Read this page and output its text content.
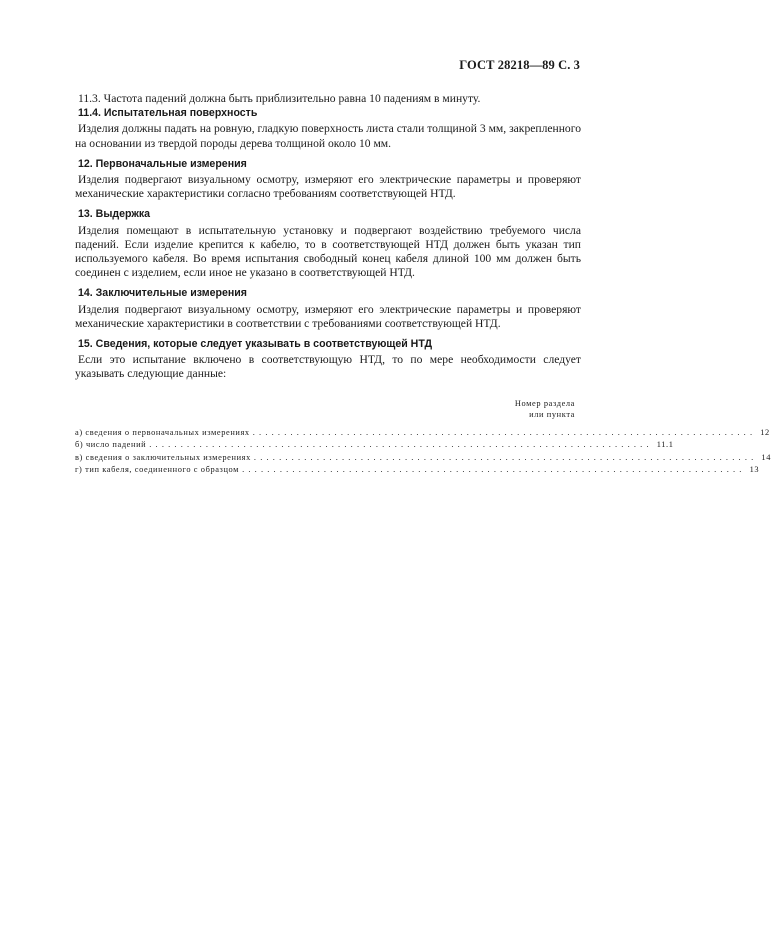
ГОСТ 28218—89 С. 3

11.3. Частота падений должна быть приблизительно равна 10 падениям в минуту.

11.4. Испытательная поверхность

Изделия должны падать на ровную, гладкую поверхность листа стали толщиной 3 мм, закрепленного на основании из твердой породы дерева толщиной около 10 мм.

12. Первоначальные измерения

Изделия подвергают визуальному осмотру, измеряют его электрические параметры и проверяют механические характеристики согласно требованиям соответствующей НТД.

13. Выдержка

Изделия помещают в испытательную установку и подвергают воздействию требуемого числа падений. Если изделие крепится к кабелю, то в соответствующей НТД должен быть указан тип используемого кабеля. Во время испытания свободный конец кабеля длиной 100 мм должен быть соединен с изделием, если иное не указано в соответствующей НТД.

14. Заключительные измерения

Изделия подвергают визуальному осмотру, измеряют его электрические параметры и проверяют механические характеристики в соответствии с требованиями соответствующей НТД.

15. Сведения, которые следует указывать в соответствующей НТД

Если это испытание включено в соответствующую НТД, то по мере необходимости следует указывать следующие данные:

Номер раздела
или пункта
а) сведения о первоначальных измерениях ................................................................................ 12
б) число падений ................................................................................ 11.1
в) сведения о заключительных измерениях ................................................................................ 14
г) тип кабеля, соединенного с образцом ................................................................................ 13
